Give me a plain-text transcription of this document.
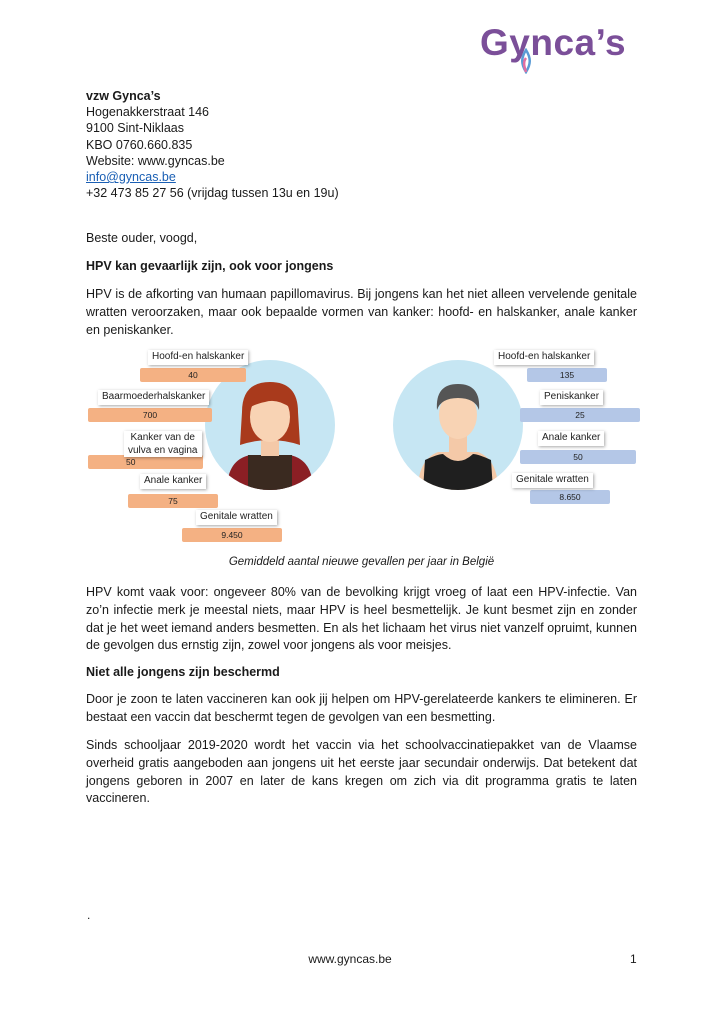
Gynca’s
vzw Gynca’s
Hogenakkerstraat 146
9100 Sint-Niklaas
KBO 0760.660.835
Website: www.gyncas.be
info@gyncas.be
+32 473 85 27 56 (vrijdag tussen 13u en 19u)
Beste ouder, voogd,
HPV kan gevaarlijk zijn, ook voor jongens
HPV is de afkorting van humaan papillomavirus. Bij jongens kan het niet alleen vervelende genitale wratten veroorzaken, maar ook bepaalde vormen van kanker: hoofd- en halskanker, anale kanker en peniskanker.
40
Hoofd-en halskanker
700
Baarmoederhalskanker
50
Kanker van de
vulva en vagina
75
Anale kanker
9.450
Genitale wratten
135
Hoofd-en halskanker
25
Peniskanker
50
Anale kanker
8.650
Genitale wratten
Gemiddeld aantal nieuwe gevallen per jaar in België
HPV komt vaak voor: ongeveer 80% van de bevolking krijgt vroeg of laat een HPV-infectie. Van zo’n infectie merk je meestal niets, maar HPV is heel besmettelijk. Je kunt besmet zijn en zonder dat je het weet iemand anders besmetten. En als het lichaam het virus niet vanzelf opruimt, kunnen de gevolgen dus ernstig zijn, zowel voor jongens als voor meisjes.
Niet alle jongens zijn beschermd
Door je zoon te laten vaccineren kan ook jij helpen om HPV-gerelateerde kankers te elimineren. Er bestaat een vaccin dat beschermt tegen de gevolgen van een besmetting.
Sinds schooljaar 2019-2020 wordt het vaccin via het schoolvaccinatiepakket van de Vlaamse overheid gratis aangeboden aan jongens uit het eerste jaar secundair onderwijs. Dat betekent dat jongens geboren in 2007 en later de kans kregen om zich via dit programma gratis te laten vaccineren.
.
www.gyncas.be	1
